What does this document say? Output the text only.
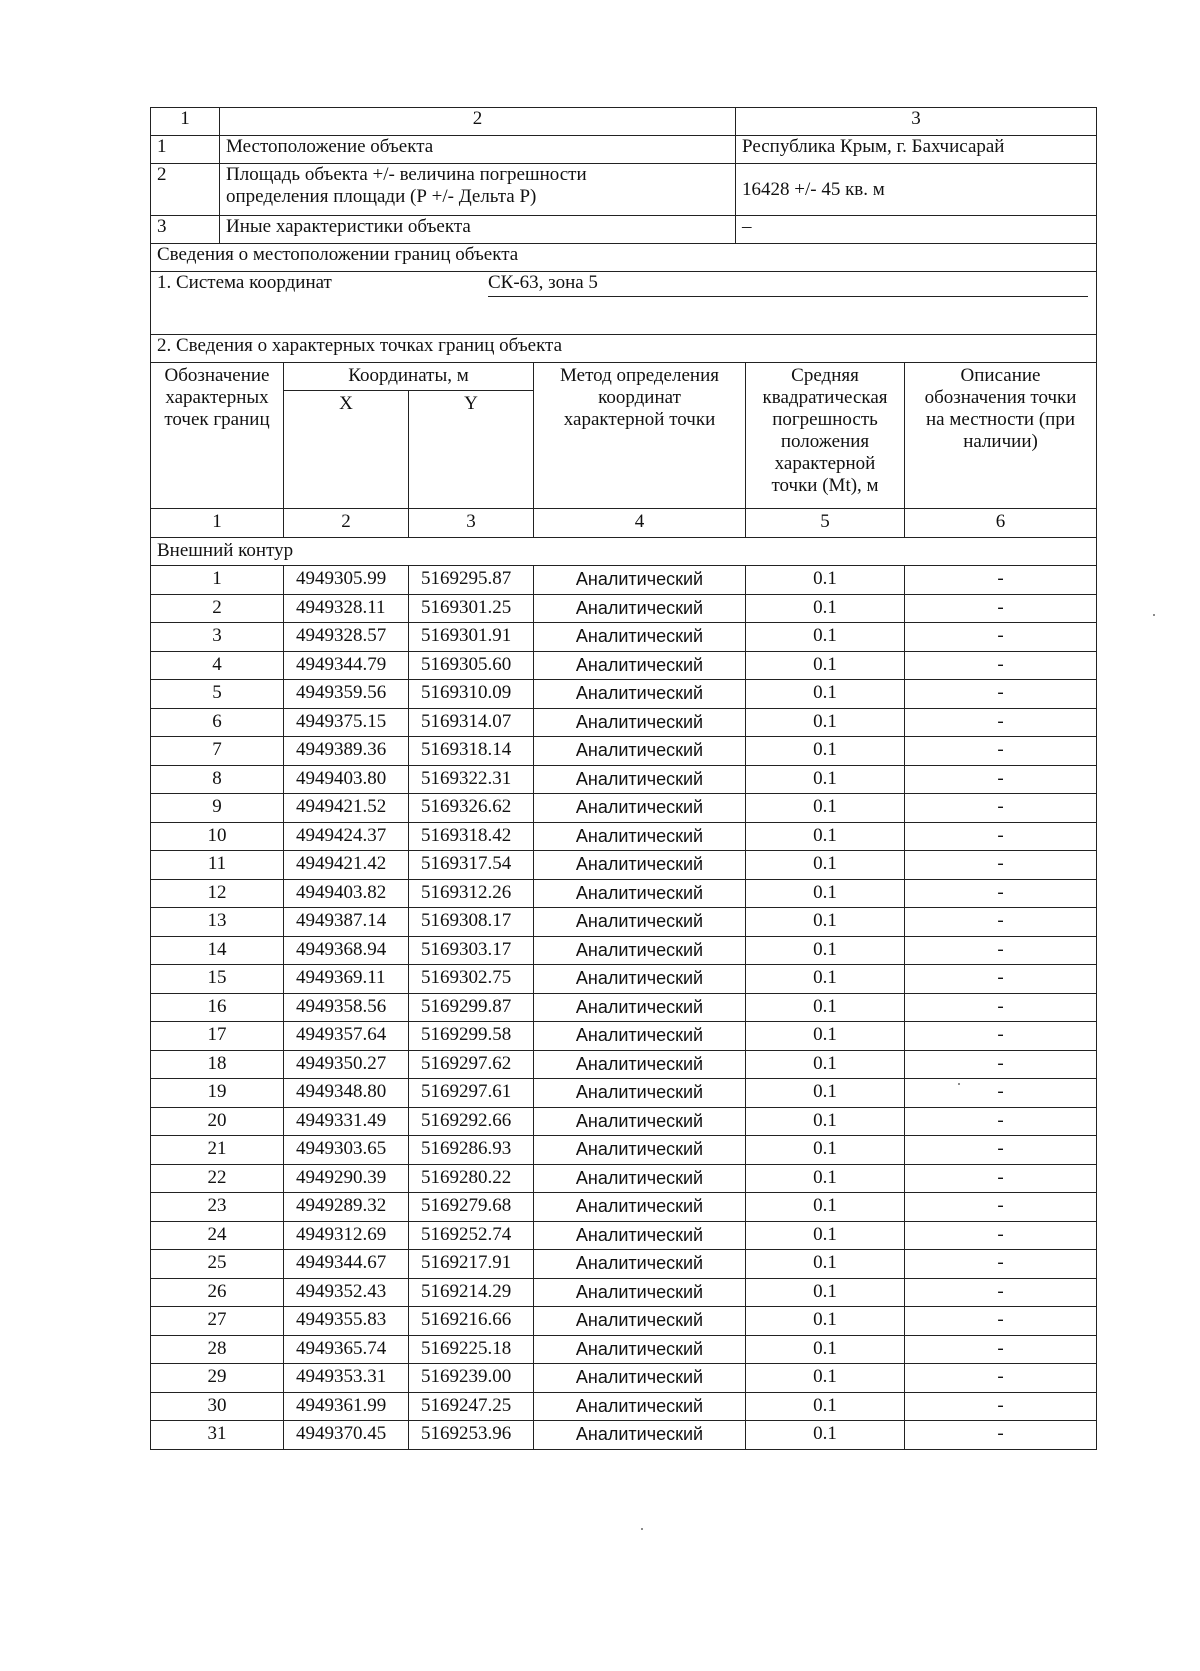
1	2	3
1	Местоположение объекта	Республика Крым, г. Бахчисарай
2	Площадь объекта +/- величина погрешности определения площади (Р +/- Дельта Р)	16428 +/- 45 кв. м
3	Иные характеристики объекта	–
Сведения о местоположении границ объекта		
1. Система координат СК-63, зона 5		

2. Сведения о характерных точках границ объекта		
Обозначение характерных точек границ	Координаты, м		Метод определения координат характерной точки	Средняя квадратическая погрешность положения характерной точки (Mt), м	Описание обозначения точки на местности (при наличии)
	X	Y			
1	2	3	4	5	6
Внешний контур					
1	4949305.99	5169295.87	Аналитический	0.1	-
2	4949328.11	5169301.25	Аналитический	0.1	-
3	4949328.57	5169301.91	Аналитический	0.1	-
4	4949344.79	5169305.60	Аналитический	0.1	-
5	4949359.56	5169310.09	Аналитический	0.1	-
6	4949375.15	5169314.07	Аналитический	0.1	-
7	4949389.36	5169318.14	Аналитический	0.1	-
8	4949403.80	5169322.31	Аналитический	0.1	-
9	4949421.52	5169326.62	Аналитический	0.1	-
10	4949424.37	5169318.42	Аналитический	0.1	-
11	4949421.42	5169317.54	Аналитический	0.1	-
12	4949403.82	5169312.26	Аналитический	0.1	-
13	4949387.14	5169308.17	Аналитический	0.1	-
14	4949368.94	5169303.17	Аналитический	0.1	-
15	4949369.11	5169302.75	Аналитический	0.1	-
16	4949358.56	5169299.87	Аналитический	0.1	-
17	4949357.64	5169299.58	Аналитический	0.1	-
18	4949350.27	5169297.62	Аналитический	0.1	-
19	4949348.80	5169297.61	Аналитический	0.1	-
20	4949331.49	5169292.66	Аналитический	0.1	-
21	4949303.65	5169286.93	Аналитический	0.1	-
22	4949290.39	5169280.22	Аналитический	0.1	-
23	4949289.32	5169279.68	Аналитический	0.1	-
24	4949312.69	5169252.74	Аналитический	0.1	-
25	4949344.67	5169217.91	Аналитический	0.1	-
26	4949352.43	5169214.29	Аналитический	0.1	-
27	4949355.83	5169216.66	Аналитический	0.1	-
28	4949365.74	5169225.18	Аналитический	0.1	-
29	4949353.31	5169239.00	Аналитический	0.1	-
30	4949361.99	5169247.25	Аналитический	0.1	-
31	4949370.45	5169253.96	Аналитический	0.1	-
